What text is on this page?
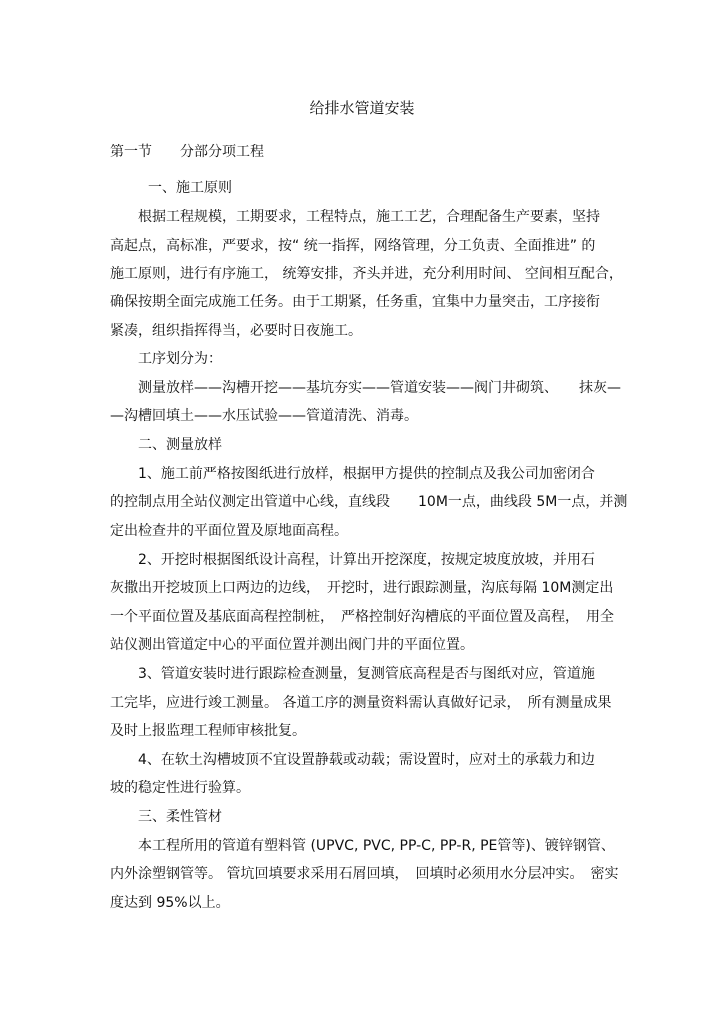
给排水管道安装
第一节　　分部分项工程
一、施工原则
根据工程规模，工期要求，工程特点，施工工艺，合理配备生产要素，坚持
高起点，高标准，严要求，按“ 统一指挥，网络管理，分工负责、全面推进” 的
施工原则，进行有序施工， 统筹安排，齐头并进，充分利用时间、 空间相互配合，
确保按期全面完成施工任务。由于工期紧，任务重，宜集中力量突击，工序接衔
紧凑，组织指挥得当，必要时日夜施工。
工序划分为：
测量放样——沟槽开挖——基坑夯实——管道安装——阀门井砌筑、　　抹灰—
—沟槽回填土——水压试验——管道清洗、消毒。
二、测量放样
1、施工前严格按图纸进行放样，根据甲方提供的控制点及我公司加密闭合
的控制点用全站仪测定出管道中心线，直线段　　10M一点，曲线段 5M一点，并测
定出检查井的平面位置及原地面高程。
2、开挖时根据图纸设计高程，计算出开挖深度，按规定坡度放坡，并用石
灰撒出开挖坡顶上口两边的边线，　开挖时，进行跟踪测量，沟底每隔 10M测定出
一个平面位置及基底面高程控制桩，　严格控制好沟槽底的平面位置及高程，　用全
站仪测出管道定中心的平面位置并测出阀门井的平面位置。
3、管道安装时进行跟踪检查测量，复测管底高程是否与图纸对应，管道施
工完毕，应进行竣工测量。 各道工序的测量资料需认真做好记录，　所有测量成果
及时上报监理工程师审核批复。
4、在软土沟槽坡顶不宜设置静载或动载；需设置时，应对土的承载力和边
坡的稳定性进行验算。
三、柔性管材
本工程所用的管道有塑料管 (UPVC, PVC, PP-C, PP-R, PE管等)、镀锌钢管、
内外涂塑钢管等。 管坑回填要求采用石屑回填，　回填时必须用水分层冲实。　密实
度达到 95%以上。
